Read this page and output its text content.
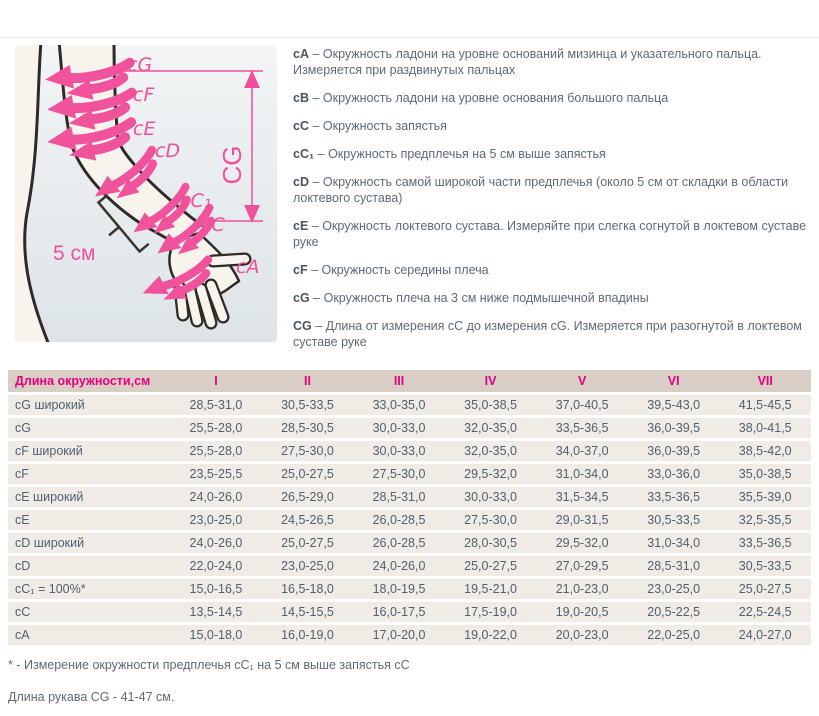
cG
cF
cE
cD
cC₁
cC
cA
5 см
CG

cA – Окружность ладони на уровне оснований мизинца и указательного пальца. Измеряется при раздвинутых пальцах

cB – Окружность ладони на уровне основания большого пальца

cC – Окружность запястья

cC₁ – Окружность предплечья на 5 см выше запястья

cD – Окружность самой широкой части предплечья (около 5 см от складки в области локтевого сустава)

cE – Окружность локтевого сустава. Измеряйте при слегка согнутой в локтевом суставе руке

cF – Окружность середины плеча

cG – Окружность плеча на 3 см ниже подмышечной впадины

CG – Длина от измерения cC до измерения cG. Измеряется при разогнутой в локтевом суставе руке

Длина окружности,см	I	II	III	IV	V	VI	VII
cG широкий	28,5-31,0	30,5-33,5	33,0-35,0	35,0-38,5	37,0-40,5	39,5-43,0	41,5-45,5
cG	25,5-28,0	28,5-30,5	30,0-33,0	32,0-35,0	33,5-36,5	36,0-39,5	38,0-41,5
cF широкий	25,5-28,0	27,5-30,0	30,0-33,0	32,0-35,0	34,0-37,0	36,0-39,5	38,5-42,0
cF	23,5-25,5	25,0-27,5	27,5-30,0	29,5-32,0	31,0-34,0	33,0-36,0	35,0-38,5
cE широкий	24,0-26,0	26,5-29,0	28,5-31,0	30,0-33,0	31,5-34,5	33,5-36,5	35,5-39,0
cE	23,0-25,0	24,5-26,5	26,0-28,5	27,5-30,0	29,0-31,5	30,5-33,5	32,5-35,5
cD широкий	24,0-26,0	25,0-27,5	26,0-28,5	28,0-30,5	29,5-32,0	31,0-34,0	33,5-36,5
cD	22,0-24,0	23,0-25,0	24,0-26,0	25,0-27,5	27,0-29,5	28,5-31,0	30,5-33,5
cC₁ = 100%*	15,0-16,5	16,5-18,0	18,0-19,5	19,5-21,0	21,0-23,0	23,0-25,0	25,0-27,5
cC	13,5-14,5	14,5-15,5	16,0-17,5	17,5-19,0	19,0-20,5	20,5-22,5	22,5-24,5
cA	15,0-18,0	16,0-19,0	17,0-20,0	19,0-22,0	20,0-23,0	22,0-25,0	24,0-27,0
* - Измерение окружности предплечья cC₁ на 5 см выше запястья cC
Длина рукава CG - 41-47 см.
